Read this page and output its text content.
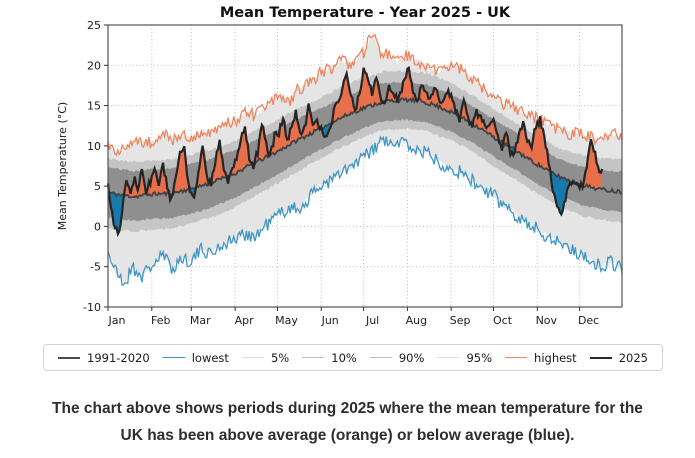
Jan Feb Mar Apr May Jun Jul Aug Sep Oct Nov Dec
25
20
15
10
5
0
-5
-10
Mean Temperature - Year 2025 - UK
Mean Temperature (°C)
1991-2020	lowest	5%	10%	90%	95%	highest	2025
The chart above shows periods during 2025 where the mean temperature for the
UK has been above average (orange) or below average (blue).
